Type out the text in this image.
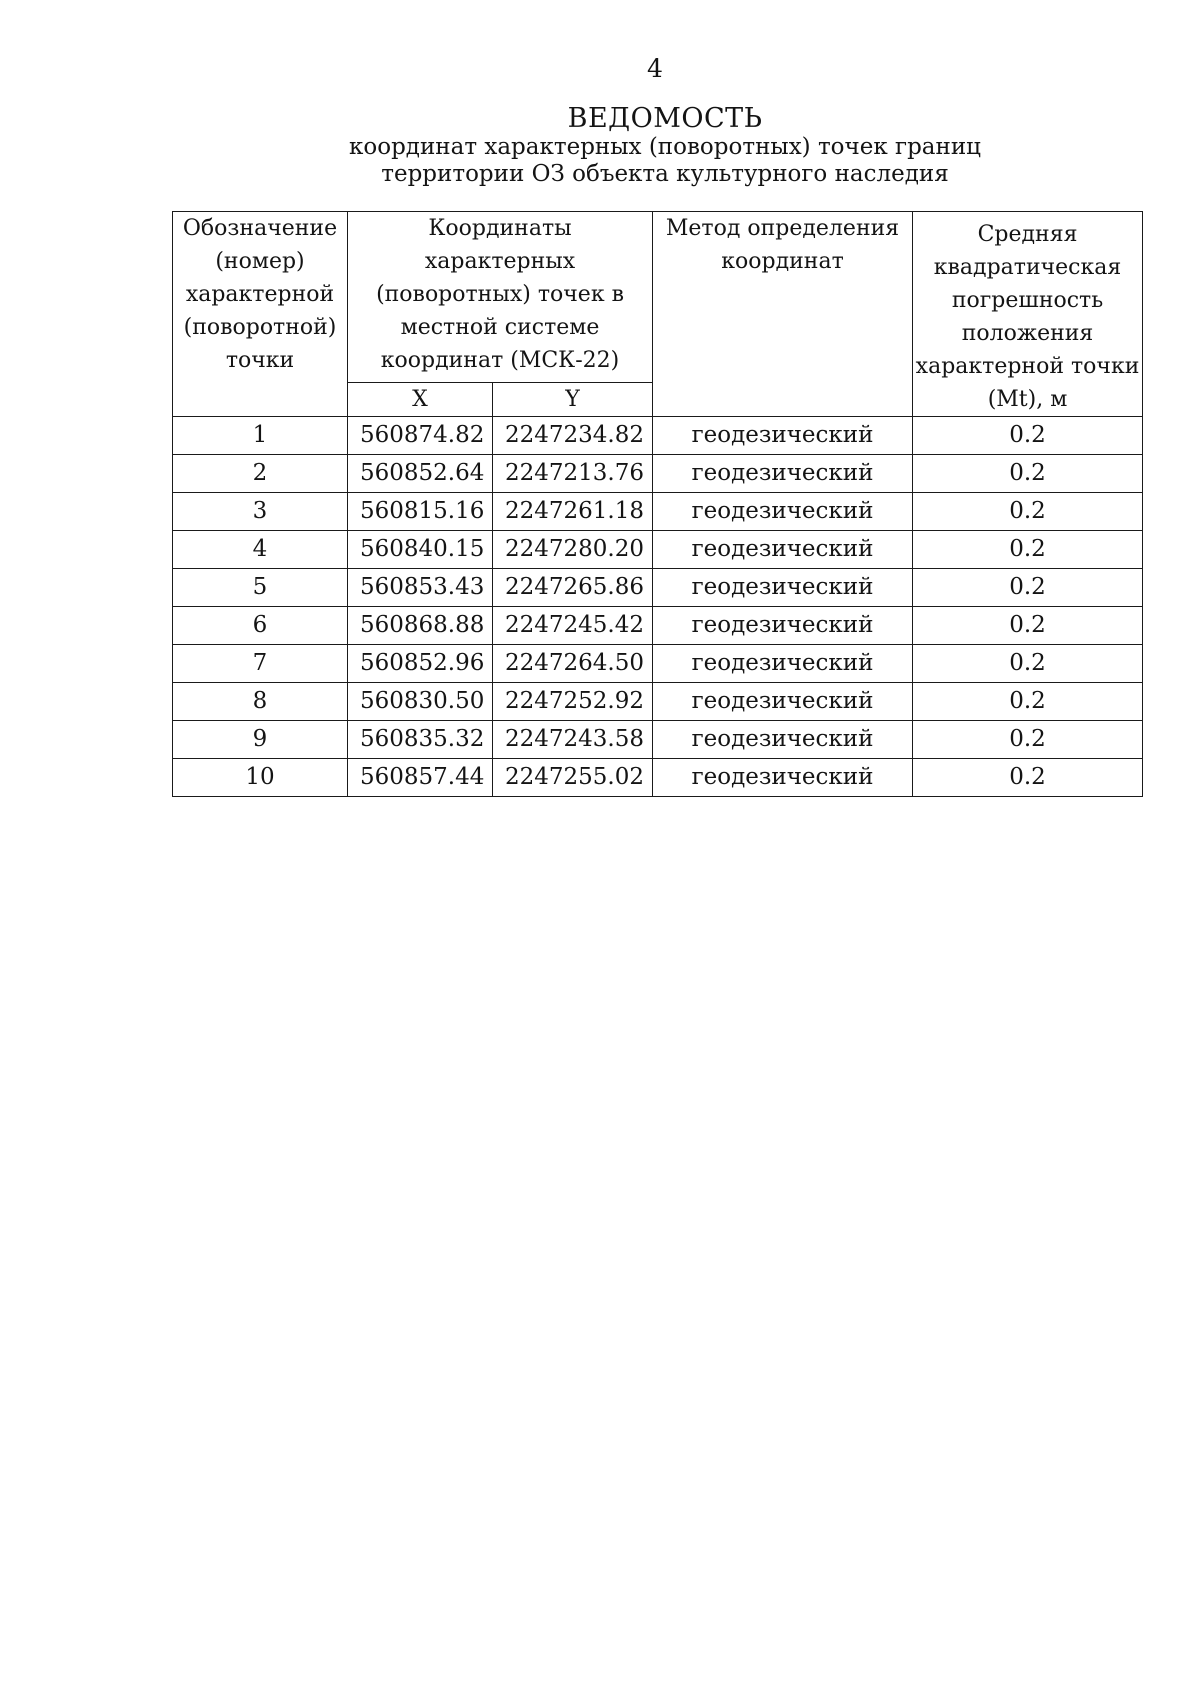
4
ВЕДОМОСТЬ
координат характерных (поворотных) точек границ
территории ОЗ объекта культурного наследия
Обозначение (номер) характерной (поворотной) точки	Координаты характерных (поворотных) точек в местной системе координат (МСК-22)		Метод определения координат	Средняя квадратическая погрешность положения характерной точки (Mt), м
	X	Y		
1	560874.82	2247234.82	геодезический	0.2
2	560852.64	2247213.76	геодезический	0.2
3	560815.16	2247261.18	геодезический	0.2
4	560840.15	2247280.20	геодезический	0.2
5	560853.43	2247265.86	геодезический	0.2
6	560868.88	2247245.42	геодезический	0.2
7	560852.96	2247264.50	геодезический	0.2
8	560830.50	2247252.92	геодезический	0.2
9	560835.32	2247243.58	геодезический	0.2
10	560857.44	2247255.02	геодезический	0.2
